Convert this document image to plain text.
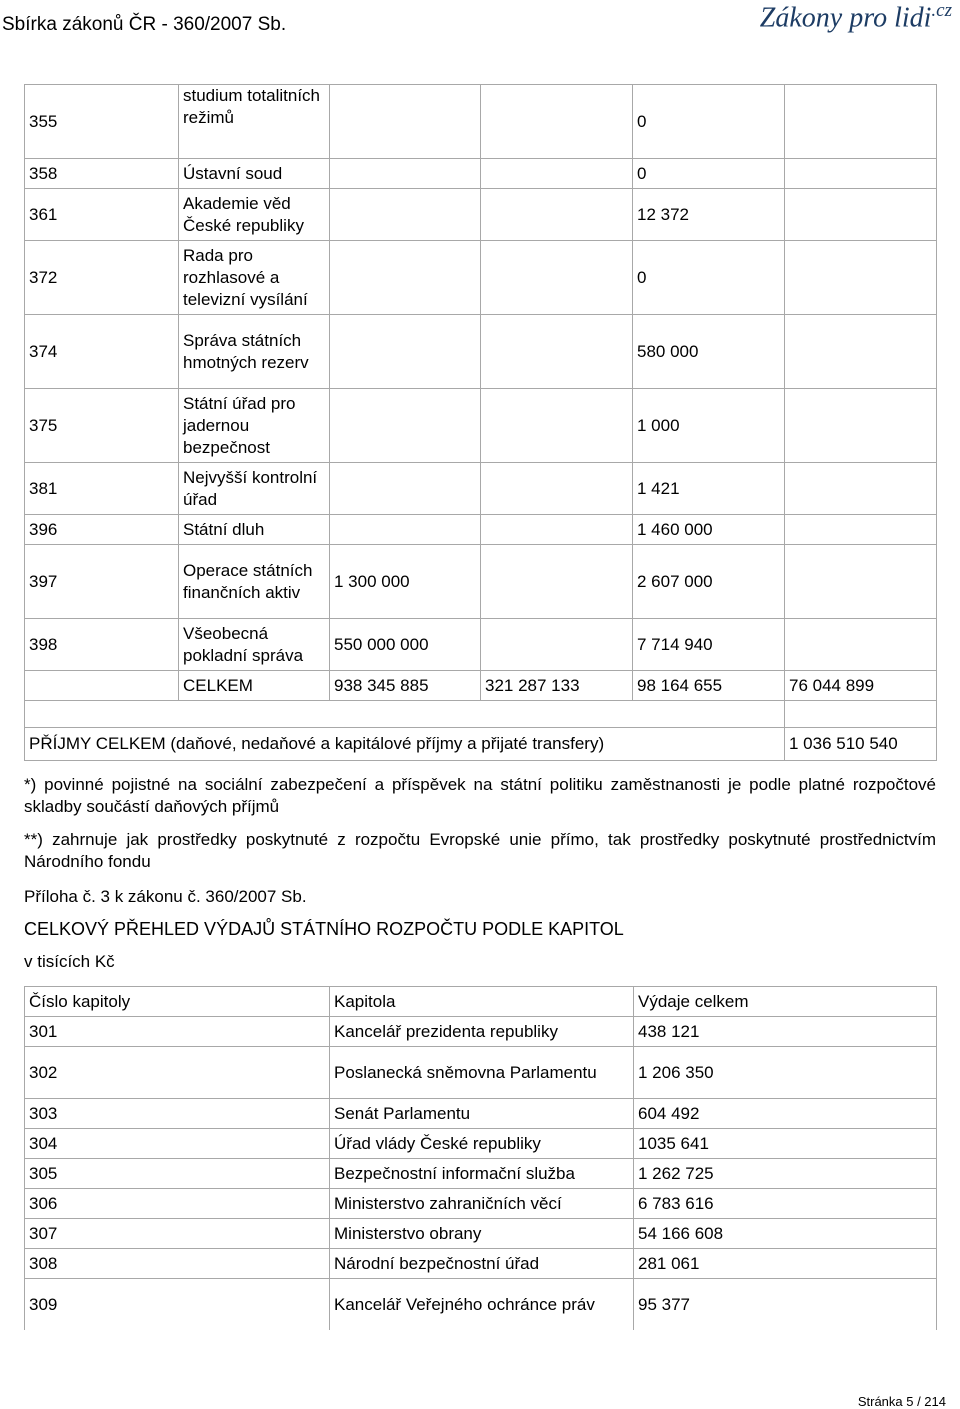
Sbírka zákonů ČR - 360/2007 Sb.	Zákony pro lidi$^{.cz}$
355	studium totalitních režimů			0	
358	Ústavní soud			0	
361	Akademie věd České republiky			12 372	
372	Rada pro rozhlasové a televizní vysílání			0	
374	Správa státních hmotných rezerv			580 000	
375	Státní úřad pro jadernou bezpečnost			1 000	
381	Nejvyšší kontrolní úřad			1 421	
396	Státní dluh			1 460 000	
397	Operace státních finančních aktiv	1 300 000		2 607 000	
398	Všeobecná pokladní správa	550 000 000		7 714 940	
	CELKEM	938 345 885	321 287 133	98 164 655	76 044 899

PŘÍJMY CELKEM (daňové, nedaňové a kapitálové příjmy a přijaté transfery)					1 036 510 540
*) povinné pojistné na sociální zabezpečení a příspěvek na státní politiku zaměstnanosti je podle platné rozpočtové skladby součástí daňových příjmů
**) zahrnuje jak prostředky poskytnuté z rozpočtu Evropské unie přímo, tak prostředky poskytnuté prostřednictvím Národního fondu
Příloha č. 3 k zákonu č. 360/2007 Sb.
CELKOVÝ PŘEHLED VÝDAJŮ STÁTNÍHO ROZPOČTU PODLE KAPITOL
v tisících Kč
Číslo kapitoly	Kapitola	Výdaje celkem
301	Kancelář prezidenta republiky	438 121
302	Poslanecká sněmovna Parlamentu	1 206 350
303	Senát Parlamentu	604 492
304	Úřad vlády České republiky	1035 641
305	Bezpečnostní informační služba	1 262 725
306	Ministerstvo zahraničních věcí	6 783 616
307	Ministerstvo obrany	54 166 608
308	Národní bezpečnostní úřad	281 061
309	Kancelář Veřejného ochránce práv	95 377
Stránka 5 / 214
